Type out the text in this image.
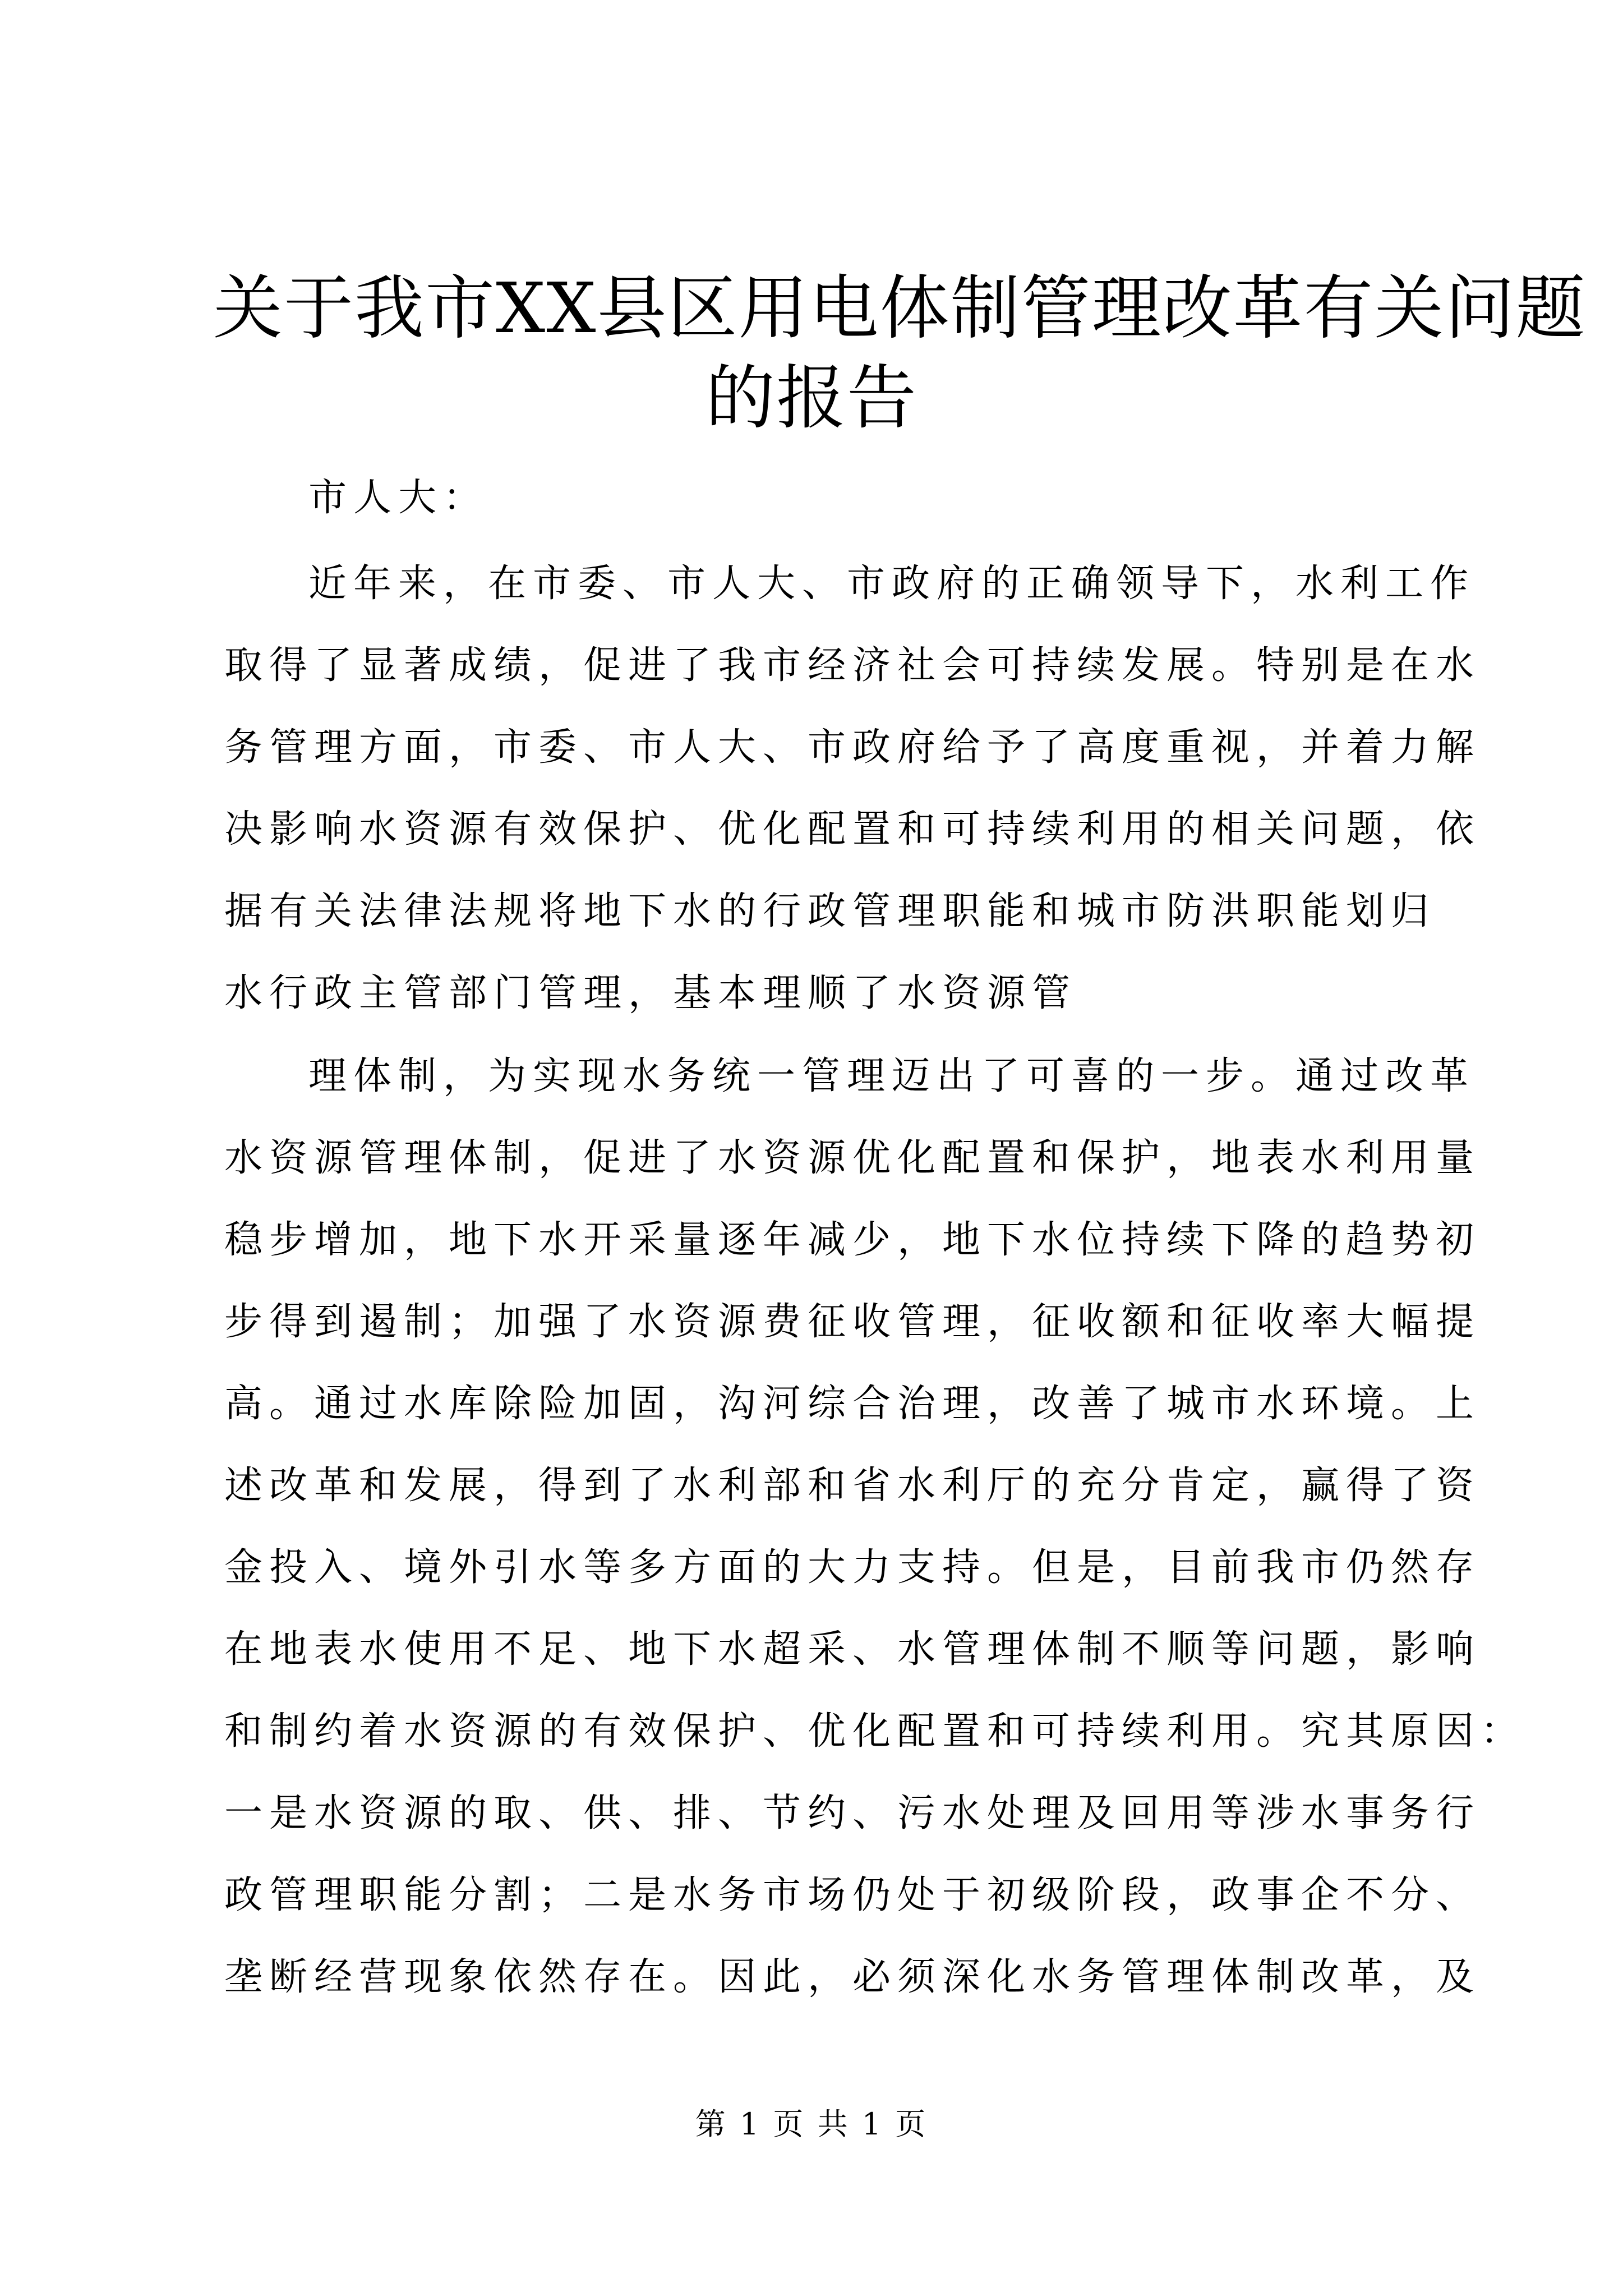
关于我市XX县区用电体制管理改革有关问题
的报告
市人大：
近年来，在市委、市人大、市政府的正确领导下，水利工作
取得了显著成绩，促进了我市经济社会可持续发展。特别是在水
务管理方面，市委、市人大、市政府给予了高度重视，并着力解
决影响水资源有效保护、优化配置和可持续利用的相关问题，依
据有关法律法规将地下水的行政管理职能和城市防洪职能划归
水行政主管部门管理，基本理顺了水资源管
理体制，为实现水务统一管理迈出了可喜的一步。通过改革
水资源管理体制，促进了水资源优化配置和保护，地表水利用量
稳步增加，地下水开采量逐年减少，地下水位持续下降的趋势初
步得到遏制；加强了水资源费征收管理，征收额和征收率大幅提
高。通过水库除险加固，沟河综合治理，改善了城市水环境。上
述改革和发展，得到了水利部和省水利厅的充分肯定，赢得了资
金投入、境外引水等多方面的大力支持。但是，目前我市仍然存
在地表水使用不足、地下水超采、水管理体制不顺等问题，影响
和制约着水资源的有效保护、优化配置和可持续利用。究其原因：
一是水资源的取、供、排、节约、污水处理及回用等涉水事务行
政管理职能分割；二是水务市场仍处于初级阶段，政事企不分、
垄断经营现象依然存在。因此，必须深化水务管理体制改革，及
第 1 页 共 1 页
